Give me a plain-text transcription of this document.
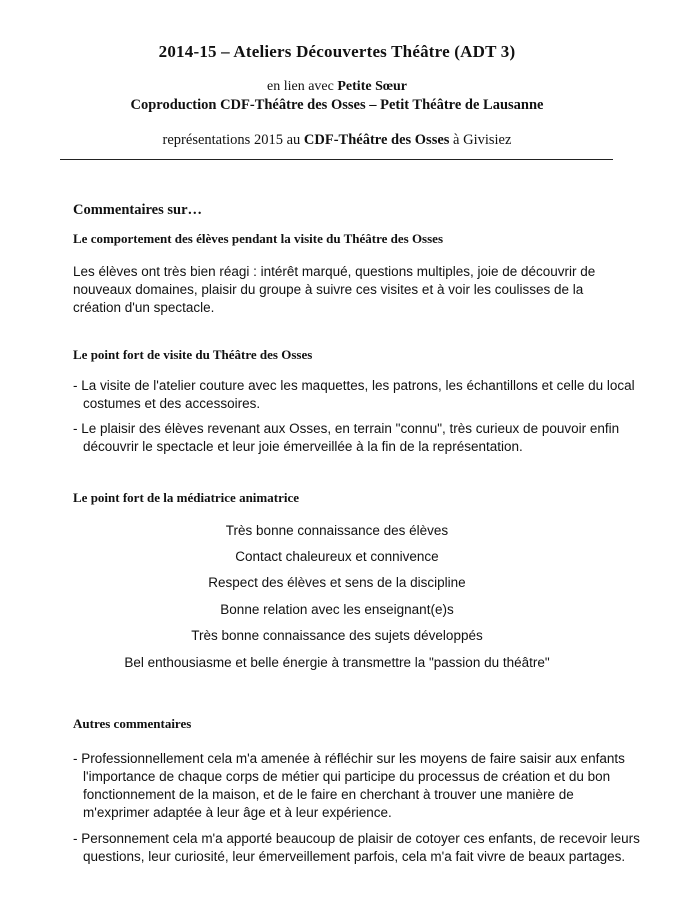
2014-15 – Ateliers Découvertes Théâtre (ADT 3)
en lien avec Petite Sœur
Coproduction CDF-Théâtre des Osses – Petit Théâtre de Lausanne
représentations 2015 au CDF-Théâtre des Osses à Givisiez
Commentaires sur…
Le comportement des élèves pendant la visite du Théâtre des Osses
Les élèves ont très bien réagi : intérêt marqué, questions multiples, joie de découvrir de nouveaux domaines, plaisir du groupe à suivre ces visites et à voir les coulisses de la création d'un spectacle.
Le point fort de visite du Théâtre des Osses
- La visite de l'atelier couture avec les maquettes, les patrons, les échantillons et celle du local costumes et des accessoires.
- Le plaisir des élèves revenant aux Osses, en terrain "connu", très curieux de pouvoir enfin découvrir le spectacle et leur joie émerveillée à la fin de la représentation.
Le point fort de la médiatrice animatrice
Très bonne connaissance des élèves
Contact chaleureux et connivence
Respect des élèves et sens de la discipline
Bonne relation avec les enseignant(e)s
Très bonne connaissance des sujets développés
Bel enthousiasme et belle énergie à transmettre la "passion du théâtre"
Autres commentaires
- Professionnellement cela m'a amenée à réfléchir sur les moyens de faire saisir aux enfants l'importance de chaque corps de métier qui participe du processus de création et du bon fonctionnement de la maison, et de le faire en cherchant à trouver une manière de m'exprimer adaptée à leur âge et à leur expérience.
- Personnement cela m'a apporté beaucoup de plaisir de cotoyer ces enfants, de recevoir leurs questions, leur curiosité, leur émerveillement parfois, cela m'a fait vivre de beaux partages.
